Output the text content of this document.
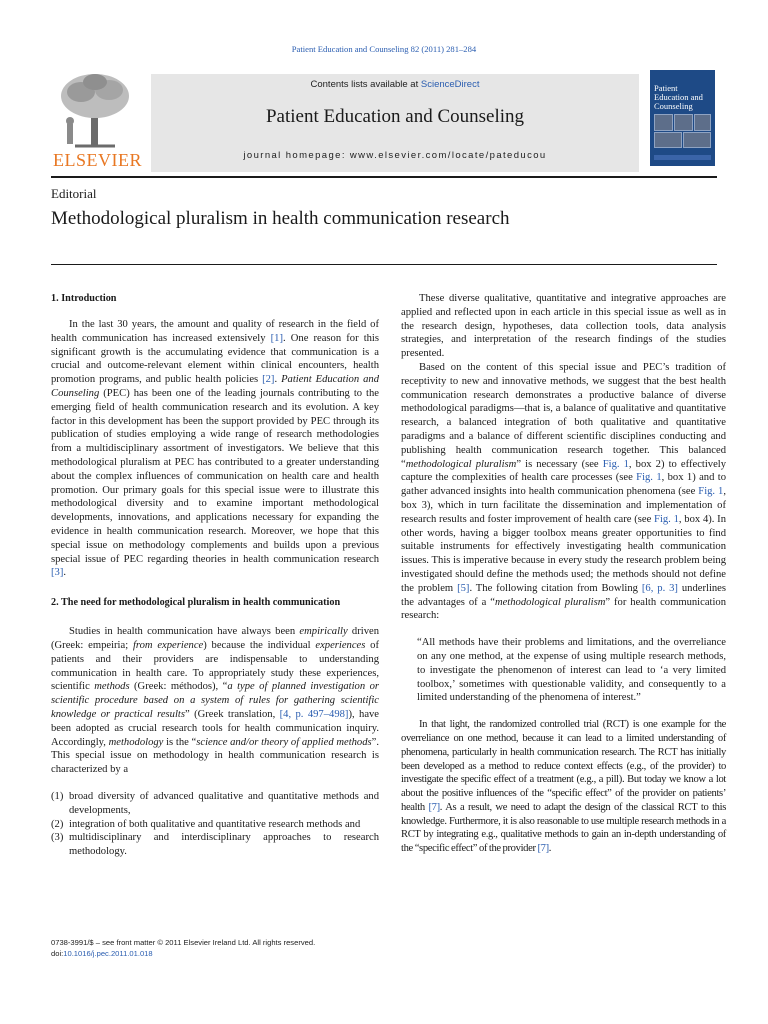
Patient Education and Counseling 82 (2011) 281–284
ELSEVIER
Contents lists available at ScienceDirect
Patient Education and Counseling
journal homepage: www.elsevier.com/locate/pateducou
Patient Education and Counseling
Editorial
Methodological pluralism in health communication research
1. Introduction

In the last 30 years, the amount and quality of research in the field of health communication has increased extensively [1]. One reason for this significant growth is the accumulating evidence that communication is a crucial and outcome-relevant element within clinical encounters, health promotion programs, and public health policies [2]. Patient Education and Counseling (PEC) has been one of the leading journals contributing to the emerging field of health communication research and its evolution. A key factor in this development has been the support provided by PEC through its publication of studies employing a wide range of research methodologies from a multidisciplinary assortment of investigators. We believe that this methodological pluralism at PEC has contributed to a greater understanding about the complex influences of communication on health care and health promotion. Our primary goals for this special issue were to illustrate this methodological diversity and to examine important methodological developments, innovations, and applications necessary for expanding the evidence in health communication research. Moreover, we hope that this special issue on methodology complements and builds upon a previous special issue of PEC regarding theories in health communication research [3].

2. The need for methodological pluralism in health communication

Studies in health communication have always been empirically driven (Greek: empeiria; from experience) because the individual experiences of patients and their providers are indispensable to understanding communication in health care. To appropriately study these experiences, scientific methods (Greek: méthodos), “a type of planned investigation or scientific procedure based on a system of rules for gathering scientific knowledge or practical results” (Greek translation, [4, p. 497–498]), have been adopted as crucial research tools for health communication inquiry. Accordingly, methodology is the “science and/or theory of applied methods”. This special issue on methodology in health communication research is characterized by a

(1) broad diversity of advanced qualitative and quantitative methods and developments,
(2) integration of both qualitative and quantitative research methods and
(3) multidisciplinary and interdisciplinary approaches to research methodology.

These diverse qualitative, quantitative and integrative approaches are applied and reflected upon in each article in this special issue as well as in the research design, hypotheses, data collection tools, data analysis strategies, and interpretation of the research findings of the studies presented.

Based on the content of this special issue and PEC’s tradition of receptivity to new and innovative methods, we suggest that the best health communication research demonstrates a productive balance of diverse methodological paradigms—that is, a balance of qualitative and quantitative research, a balanced integration of both qualitative and quantitative paradigms and a balance of different scientific disciplines conducting and publishing health communication research together. This balanced “methodological pluralism” is necessary (see Fig. 1, box 2) to effectively capture the complexities of health care processes (see Fig. 1, box 1) and to gather advanced insights into health communication phenomena (see Fig. 1, box 3), which in turn facilitate the dissemination and implementation of research results and foster improvement of health care (see Fig. 1, box 4). In other words, having a bigger toolbox means greater opportunities to find suitable instruments for effectively investigating health communication issues. This is imperative because in every study the research problem being investigated should define the methods used; the methods should not define the problem [5]. The following citation from Bowling [6, p. 3] underlines the advantages of a “methodological pluralism” for health communication research:

“All methods have their problems and limitations, and the overreliance on any one method, at the expense of using multiple research methods, to investigate the phenomenon of interest can lead to ‘a very limited toolbox,’ sometimes with questionable validity, and consequently to a limited understanding of the phenomena of interest.”

In that light, the randomized controlled trial (RCT) is one example for the overreliance on one method, because it can lead to a limited understanding of phenomena, particularly in health communication research. The RCT has initially been developed as a method to reduce context effects (e.g., of the provider) to investigate the specific effect of a treatment (e.g., a pill). But today we know a lot about the positive influences of the “specific effect” of the provider on patients’ health [7]. As a result, we need to adapt the design of the classical RCT to this knowledge. Furthermore, it is also reasonable to use multiple research methods in a RCT by integrating e.g., qualitative methods to gain an in-depth understanding of the “specific effect” of the provider [7].

0738-3991/$ – see front matter © 2011 Elsevier Ireland Ltd. All rights reserved.
doi:10.1016/j.pec.2011.01.018
